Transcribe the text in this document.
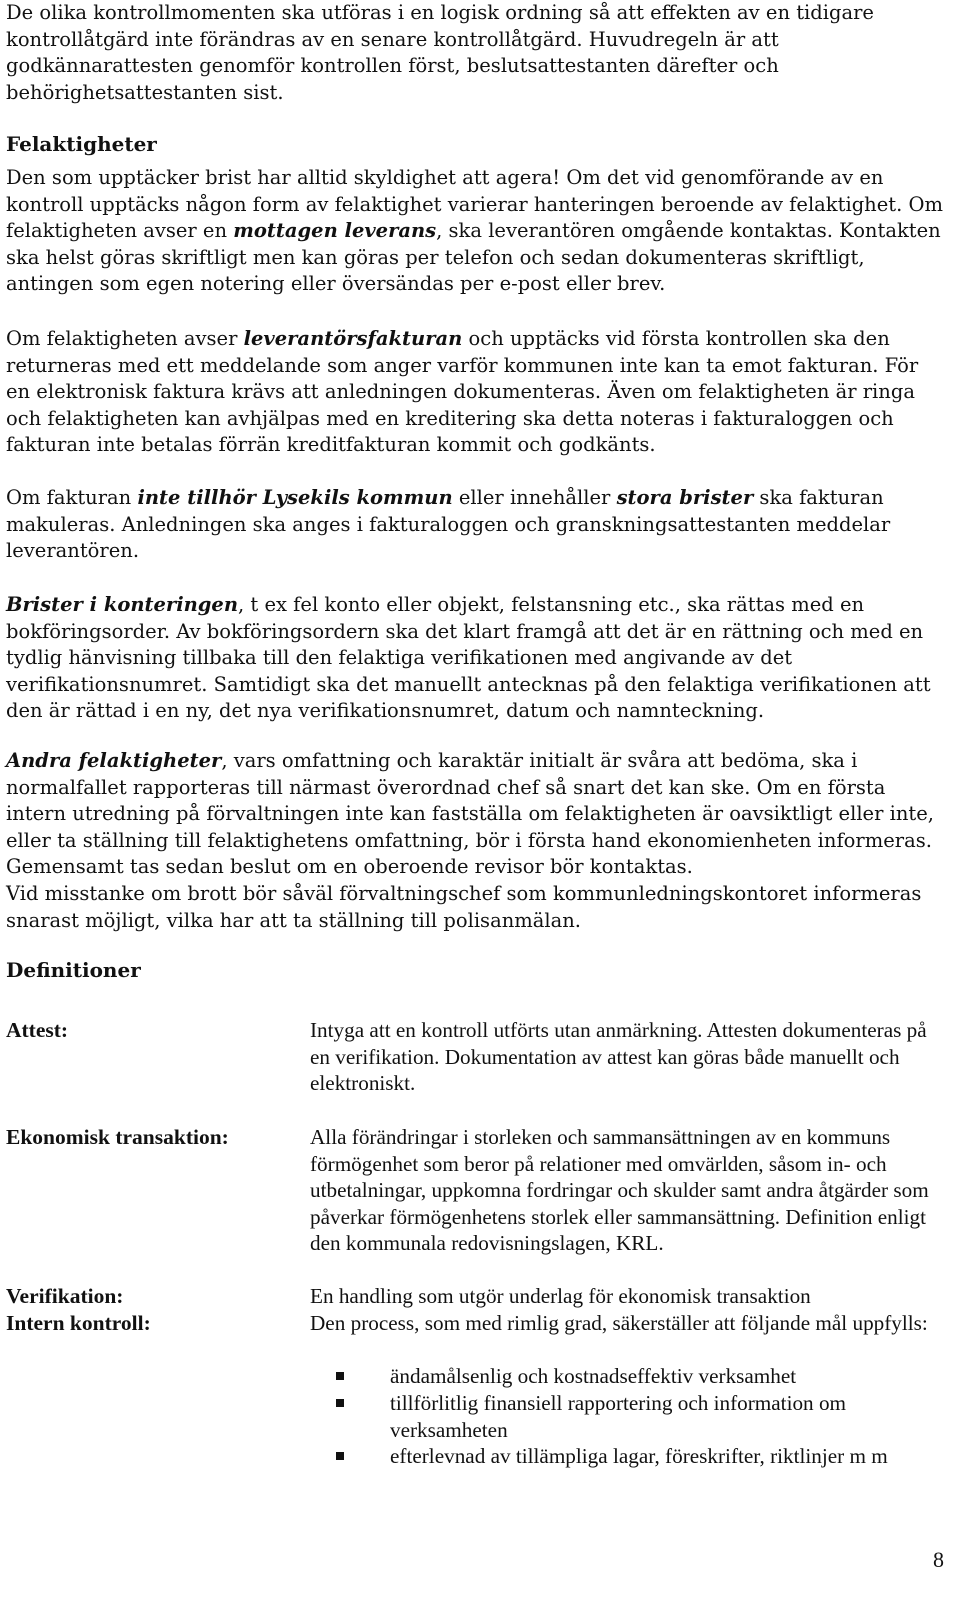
De olika kontrollmomenten ska utföras i en logisk ordning så att effekten av en tidigare kontrollåtgärd inte förändras av en senare kontrollåtgärd. Huvudregeln är att godkännarattesten genomför kontrollen först, beslutsattestanten därefter och behörighetsattestanten sist.

Felaktigheter

Den som upptäcker brist har alltid skyldighet att agera! Om det vid genomförande av en kontroll upptäcks någon form av felaktighet varierar hanteringen beroende av felaktighet. Om felaktigheten avser en mottagen leverans, ska leverantören omgående kontaktas. Kontakten ska helst göras skriftligt men kan göras per telefon och sedan dokumenteras skriftligt, antingen som egen notering eller översändas per e-post eller brev.

Om felaktigheten avser leverantörsfakturan och upptäcks vid första kontrollen ska den returneras med ett meddelande som anger varför kommunen inte kan ta emot fakturan. För en elektronisk faktura krävs att anledningen dokumenteras. Även om felaktigheten är ringa och felaktigheten kan avhjälpas med en kreditering ska detta noteras i fakturaloggen och fakturan inte betalas förrän kreditfakturan kommit och godkänts.

Om fakturan inte tillhör Lysekils kommun eller innehåller stora brister ska fakturan makuleras. Anledningen ska anges i fakturaloggen och granskningsattestanten meddelar leverantören.

Brister i konteringen, t ex fel konto eller objekt, felstansning etc., ska rättas med en bokföringsorder. Av bokföringsordern ska det klart framgå att det är en rättning och med en tydlig hänvisning tillbaka till den felaktiga verifikationen med angivande av det verifikationsnumret. Samtidigt ska det manuellt antecknas på den felaktiga verifikationen att den är rättad i en ny, det nya verifikationsnumret, datum och namnteckning.

Andra felaktigheter, vars omfattning och karaktär initialt är svåra att bedöma, ska i normalfallet rapporteras till närmast överordnad chef så snart det kan ske. Om en första intern utredning på förvaltningen inte kan fastställa om felaktigheten är oavsiktligt eller inte, eller ta ställning till felaktighetens omfattning, bör i första hand ekonomienheten informeras. Gemensamt tas sedan beslut om en oberoende revisor bör kontaktas.

Vid misstanke om brott bör såväl förvaltningschef som kommunledningskontoret informeras snarast möjligt, vilka har att ta ställning till polisanmälan.

Definitioner
Attest:	Intyga att en kontroll utförts utan anmärkning. Attesten dokumenteras på en verifikation. Dokumentation av attest kan göras både manuellt och elektroniskt.

Ekonomisk transaktion:	Alla förändringar i storleken och sammansättningen av en kommuns förmögenhet som beror på relationer med omvärlden, såsom in- och utbetalningar, uppkomna fordringar och skulder samt andra åtgärder som påverkar förmögenhetens storlek eller sammansättning. Definition enligt den kommunala redovisningslagen, KRL.

Verifikation:	En handling som utgör underlag för ekonomisk transaktion

Intern kontroll:	Den process, som med rimlig grad, säkerställer att följande mål uppfylls:

ändamålsenlig och kostnadseffektiv verksamhet
tillförlitlig finansiell rapportering och information om verksamheten
efterlevnad av tillämpliga lagar, föreskrifter, riktlinjer m m
8
